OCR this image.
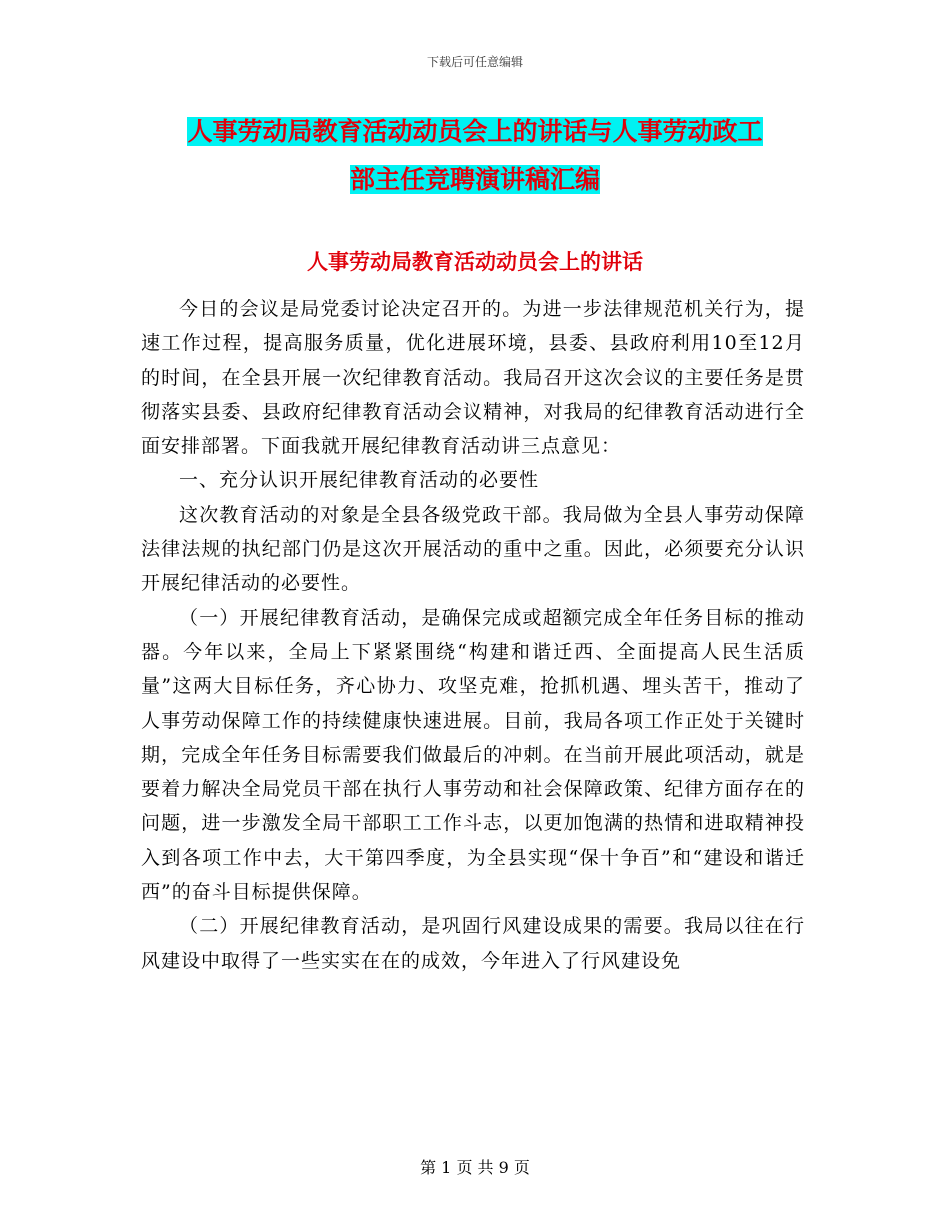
下载后可任意编辑
人事劳动局教育活动动员会上的讲话与人事劳动政工
部主任竞聘演讲稿汇编
人事劳动局教育活动动员会上的讲话

今日的会议是局党委讨论决定召开的。为进一步法律规范机关行为，提速工作过程，提高服务质量，优化进展环境，县委、县政府利用10至12月的时间，在全县开展一次纪律教育活动。我局召开这次会议的主要任务是贯彻落实县委、县政府纪律教育活动会议精神，对我局的纪律教育活动进行全面安排部署。下面我就开展纪律教育活动讲三点意见：

一、充分认识开展纪律教育活动的必要性

这次教育活动的对象是全县各级党政干部。我局做为全县人事劳动保障法律法规的执纪部门仍是这次开展活动的重中之重。因此，必须要充分认识开展纪律活动的必要性。

（一）开展纪律教育活动，是确保完成或超额完成全年任务目标的推动器。今年以来，全局上下紧紧围绕“构建和谐迁西、全面提高人民生活质量”这两大目标任务，齐心协力、攻坚克难，抢抓机遇、埋头苦干，推动了人事劳动保障工作的持续健康快速进展。目前，我局各项工作正处于关键时期，完成全年任务目标需要我们做最后的冲刺。在当前开展此项活动，就是要着力解决全局党员干部在执行人事劳动和社会保障政策、纪律方面存在的问题，进一步激发全局干部职工工作斗志，以更加饱满的热情和进取精神投入到各项工作中去，大干第四季度，为全县实现“保十争百”和“建设和谐迁西”的奋斗目标提供保障。

（二）开展纪律教育活动，是巩固行风建设成果的需要。我局以往在行风建设中取得了一些实实在在的成效，今年进入了行风建设免

第 1 页 共 9 页
